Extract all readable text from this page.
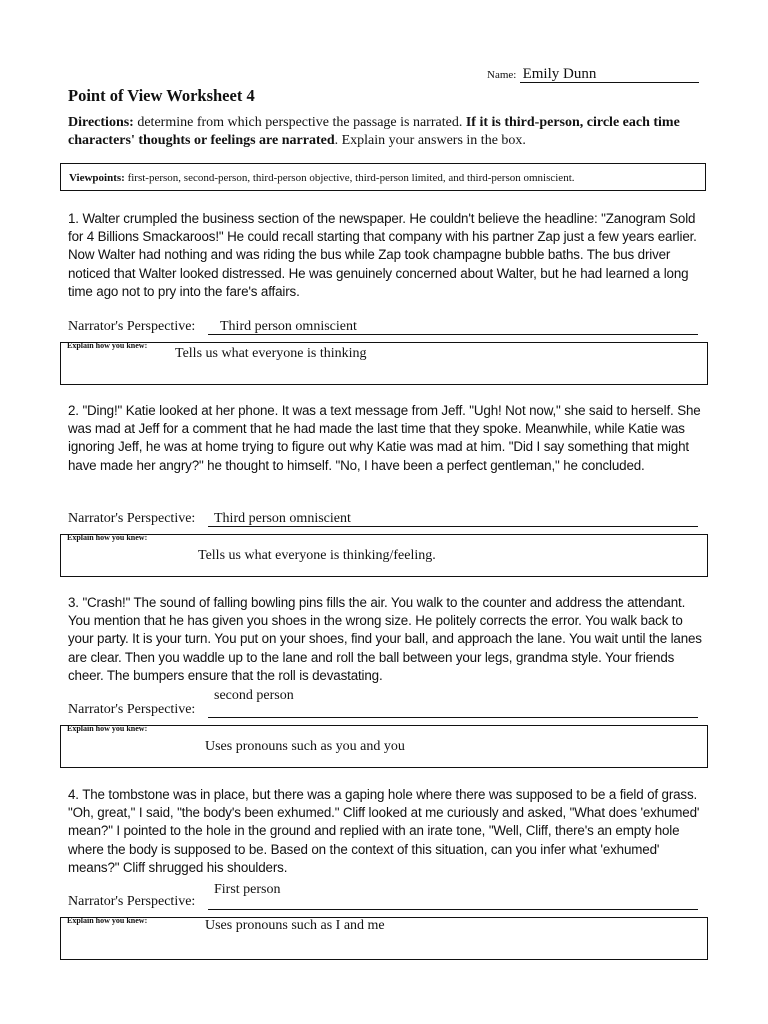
Name: Emily Dunn
Point of View Worksheet 4
Directions: determine from which perspective the passage is narrated. If it is third-person, circle each time characters' thoughts or feelings are narrated. Explain your answers in the box.
Viewpoints: first-person, second-person, third-person objective, third-person limited, and third-person omniscient.

1. Walter crumpled the business section of the newspaper. He couldn't believe the headline: "Zanogram Sold for 4 Billions Smackaroos!" He could recall starting that company with his partner Zap just a few years earlier. Now Walter had nothing and was riding the bus while Zap took champagne bubble baths. The bus driver noticed that Walter looked distressed. He was genuinely concerned about Walter, but he had learned a long time ago not to pry into the fare's affairs.

Narrator's Perspective: Third person omniscient
Explain how you knew:
Tells us what everyone is thinking

2. "Ding!" Katie looked at her phone. It was a text message from Jeff. "Ugh! Not now," she said to herself. She was mad at Jeff for a comment that he had made the last time that they spoke. Meanwhile, while Katie was ignoring Jeff, he was at home trying to figure out why Katie was mad at him. "Did I say something that might have made her angry?" he thought to himself. "No, I have been a perfect gentleman," he concluded.

Narrator's Perspective: Third person omniscient
Explain how you knew:
Tells us what everyone is thinking/feeling.

3. "Crash!" The sound of falling bowling pins fills the air. You walk to the counter and address the attendant. You mention that he has given you shoes in the wrong size. He politely corrects the error. You walk back to your party. It is your turn. You put on your shoes, find your ball, and approach the lane. You wait until the lanes are clear. Then you waddle up to the lane and roll the ball between your legs, grandma style. Your friends cheer. The bumpers ensure that the roll is devastating.

Narrator's Perspective:
second person
Explain how you knew:
Uses pronouns such as you and you

4. The tombstone was in place, but there was a gaping hole where there was supposed to be a field of grass. "Oh, great," I said, "the body's been exhumed." Cliff looked at me curiously and asked, "What does 'exhumed' mean?" I pointed to the hole in the ground and replied with an irate tone, "Well, Cliff, there's an empty hole where the body is supposed to be. Based on the context of this situation, can you infer what 'exhumed' means?" Cliff shrugged his shoulders.

Narrator's Perspective:
First person
Explain how you knew:	Uses pronouns such as I and me
